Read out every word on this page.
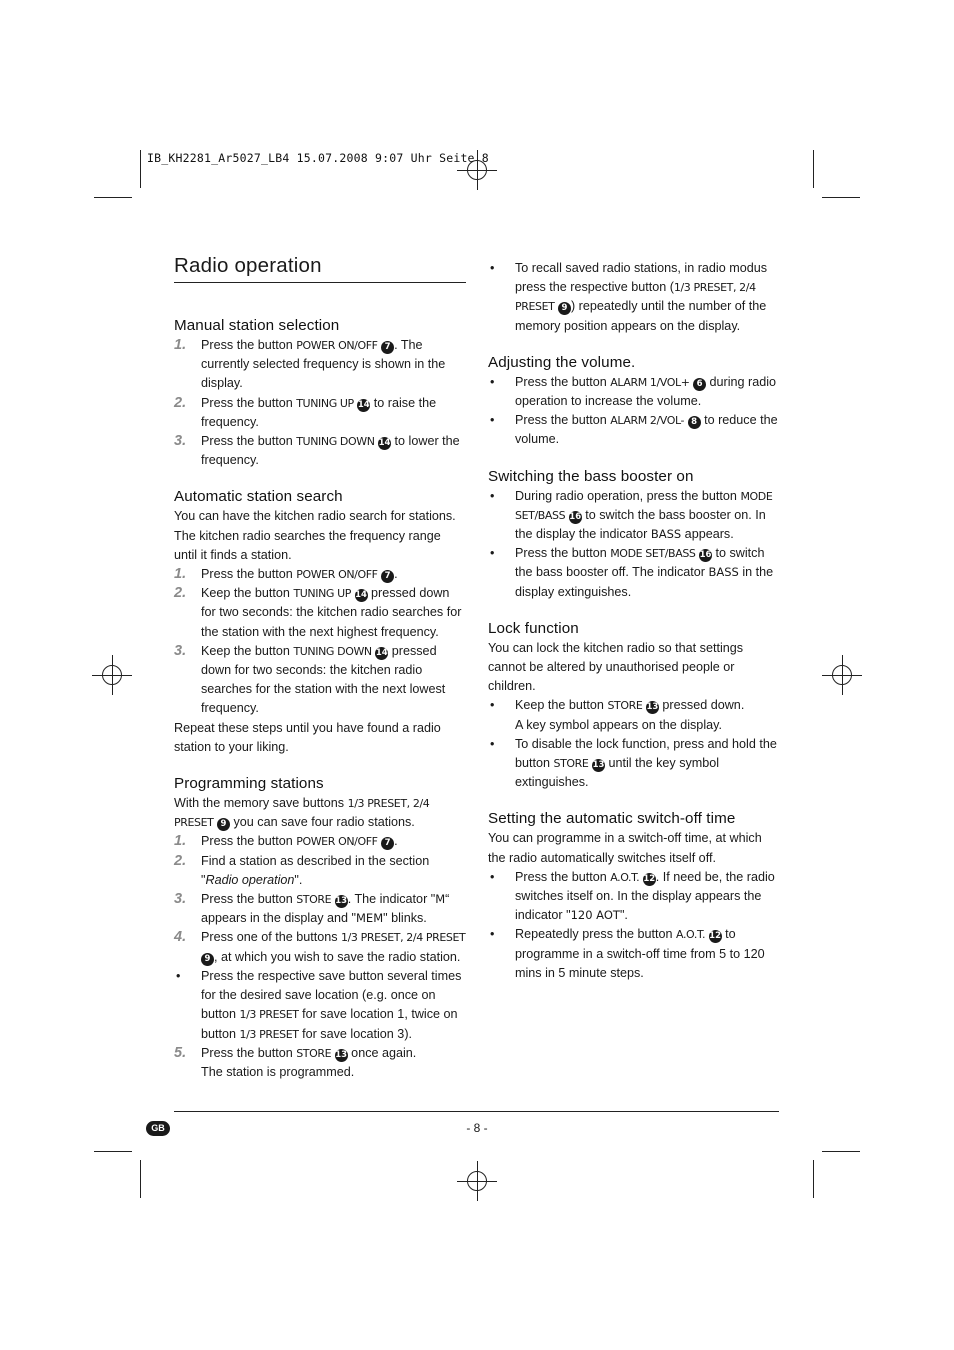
IB_KH2281_Ar5027_LB4 15.07.2008 9:07 Uhr Seite 8
Radio operation
Manual station selection
1. Press the button POWER ON/OFF 7 . The currently selected frequency is shown in the display.
2. Press the button TUNING UP 14 to raise the frequency.
3. Press the button TUNING DOWN 14 to lower the frequency.
Automatic station search

You can have the kitchen radio search for stations. The kitchen radio searches the frequency range until it finds a station.

1. Press the button POWER ON/OFF 7 .
2. Keep the button TUNING UP 14 pressed down for two seconds: the kitchen radio searches for the station with the next highest frequency.
3. Keep the button TUNING DOWN 14 pressed down for two seconds: the kitchen radio searches for the station with the next lowest frequency.

Repeat these steps until you have found a radio station to your liking.

Programming stations

With the memory save buttons 1/3 PRESET, 2/4 PRESET 9 you can save four radio stations.

1. Press the button POWER ON/OFF 7 .
2. Find a station as described in the section "Radio operation".
3. Press the button STORE 13. The indicator "M“ appears in the display and "MEM" blinks.
4. Press one of the buttons 1/3 PRESET, 2/4 PRESET 9 , at which you wish to save the radio station.
• Press the respective save button several times for the desired save location (e.g. once on button 1/3 PRESET for save location 1, twice on button 1/3 PRESET for save location 3).
5. Press the button STORE 13 once again.
The station is programmed.
• To recall saved radio stations, in radio modus press the respective button (1/3 PRESET, 2/4 PRESET 9 ) repeatedly until the number of the memory position appears on the display.
Adjusting the volume.
• Press the button ALARM 1/VOL+ 6 during radio operation to increase the volume.
• Press the button ALARM 2/VOL- 8 to reduce the volume.
Switching the bass booster on
• During radio operation, press the button MODE SET/BASS 16 to switch the bass booster on. In the display the indicator BASS appears.
• Press the button MODE SET/BASS 16 to switch the bass booster off. The indicator BASS in the display extinguishes.
Lock function

You can lock the kitchen radio so that settings cannot be altered by unauthorised people or children.

• Keep the button STORE 13 pressed down.
A key symbol appears on the display.
• To disable the lock function, press and hold the button STORE 13 until the key symbol extinguishes.
Setting the automatic switch-off time

You can programme in a switch-off time, at which the radio automatically switches itself off.

• Press the button A.O.T. 12. If need be, the radio switches itself on. In the display appears the indicator "120 AOT".
• Repeatedly press the button A.O.T. 12 to programme in a switch-off time from 5 to 120 mins in 5 minute steps.
GB	- 8 -
